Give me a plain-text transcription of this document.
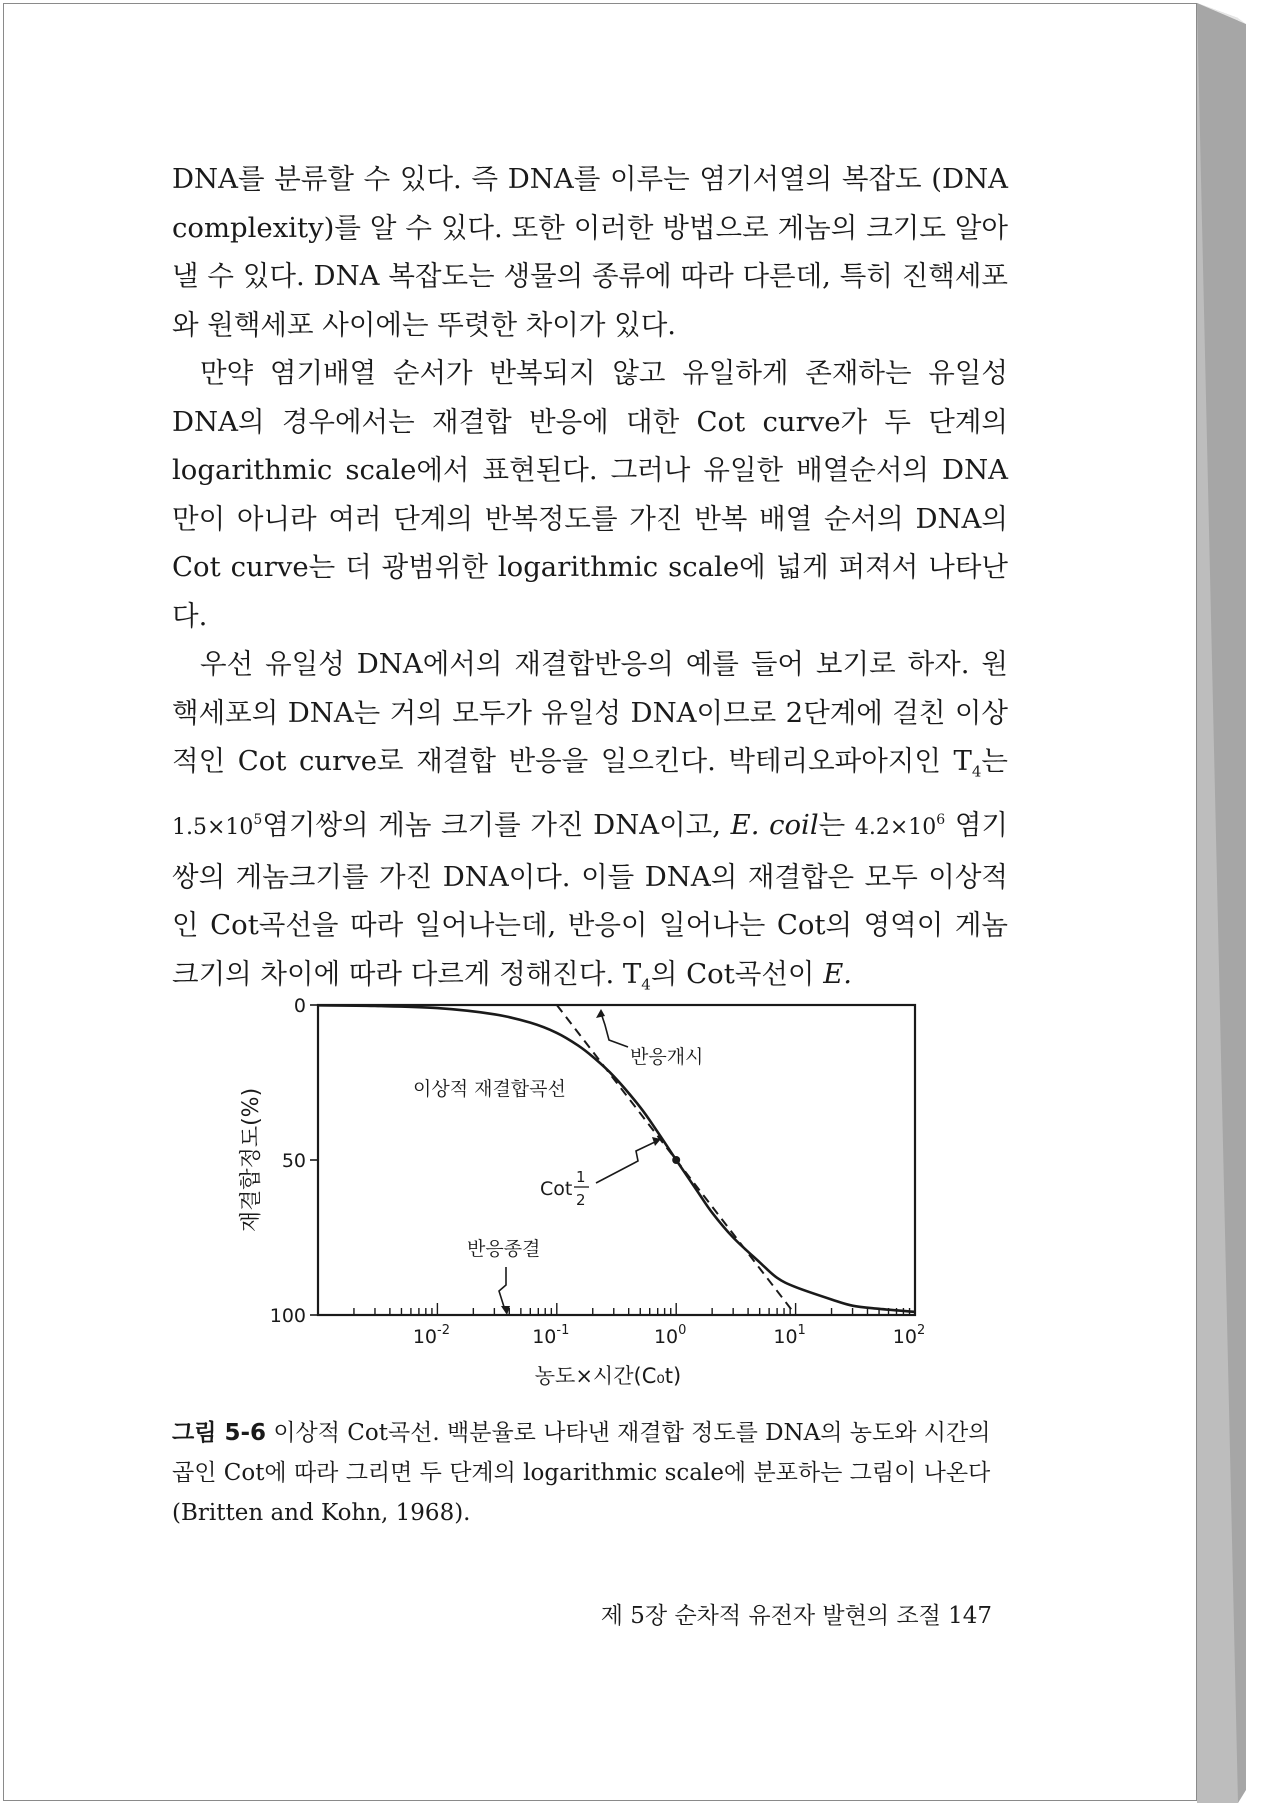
DNA를 분류할 수 있다. 즉 DNA를 이루는 염기서열의 복잡도 (DNA complexity)를 알 수 있다. 또한 이러한 방법으로 게놈의 크기도 알아낼 수 있다. DNA 복잡도는 생물의 종류에 따라 다른데, 특히 진핵세포와 원핵세포 사이에는 뚜렷한 차이가 있다.

만약 염기배열 순서가 반복되지 않고 유일하게 존재하는 유일성 DNA의 경우에서는 재결합 반응에 대한 Cot curve가 두 단계의 logarithmic scale에서 표현된다. 그러나 유일한 배열순서의 DNA만이 아니라 여러 단계의 반복정도를 가진 반복 배열 순서의 DNA의 Cot curve는 더 광범위한 logarithmic scale에 넓게 퍼져서 나타난다.

우선 유일성 DNA에서의 재결합반응의 예를 들어 보기로 하자. 원핵세포의 DNA는 거의 모두가 유일성 DNA이므로 2단계에 걸친 이상적인 Cot curve로 재결합 반응을 일으킨다. 박테리오파아지인 $T_4$는 $1.5\times 10^5$염기쌍의 게놈 크기를 가진 DNA이고, E. coil는 $4.2\times 10^6$ 염기쌍의 게놈크기를 가진 DNA이다. 이들 DNA의 재결합은 모두 이상적인 Cot곡선을 따라 일어나는데, 반응이 일어나는 Cot의 영역이 게놈 크기의 차이에 따라 다르게 정해진다. $T_4$의 Cot곡선이 E.

$10^{-2}$	$10^{-1}$	$10^0$	$10^1$	$10^2$
0
50
100
이상적 재결합곡선
반응개시
Cot
1
2
반응종결
재결합정도(%)
농도×시간(C₀t)
그림 5-6 이상적 Cot곡선. 백분율로 나타낸 재결합 정도를 DNA의 농도와 시간의 곱인 Cot에 따라 그리면 두 단계의 logarithmic scale에 분포하는 그림이 나온다(Britten and Kohn, 1968).
제 5장 순차적 유전자 발현의 조절 147
